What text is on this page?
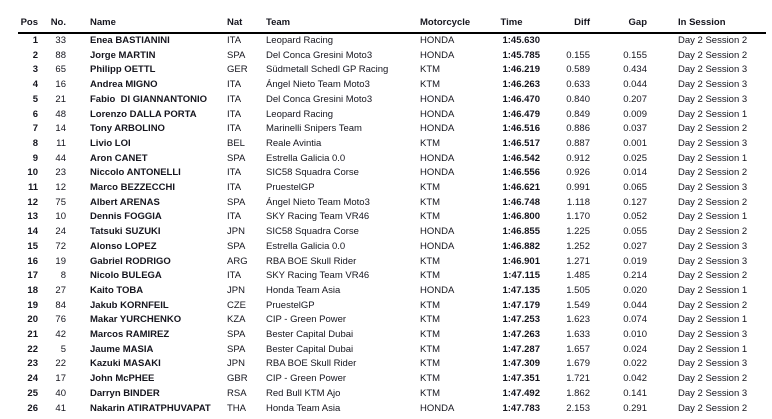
Pos	No.	Name	Nat	Team	Motorcycle	Time	Diff	Gap	In Session
1	33	Enea BASTIANINI	ITA	Leopard Racing	HONDA	1:45.630			Day 2 Session 2
2	88	Jorge MARTIN	SPA	Del Conca Gresini Moto3	HONDA	1:45.785	0.155	0.155	Day 2 Session 2
3	65	Philipp OETTL	GER	Südmetall Schedl GP Racing	KTM	1:46.219	0.589	0.434	Day 2 Session 3
4	16	Andrea MIGNO	ITA	Ángel Nieto Team Moto3	KTM	1:46.263	0.633	0.044	Day 2 Session 3
5	21	Fabio  DI GIANNANTONIO	ITA	Del Conca Gresini Moto3	HONDA	1:46.470	0.840	0.207	Day 2 Session 3
6	48	Lorenzo DALLA PORTA	ITA	Leopard Racing	HONDA	1:46.479	0.849	0.009	Day 2 Session 1
7	14	Tony ARBOLINO	ITA	Marinelli Snipers Team	HONDA	1:46.516	0.886	0.037	Day 2 Session 2
8	11	Livio LOI	BEL	Reale Avintia	KTM	1:46.517	0.887	0.001	Day 2 Session 3
9	44	Aron CANET	SPA	Estrella Galicia 0.0	HONDA	1:46.542	0.912	0.025	Day 2 Session 1
10	23	Niccolo ANTONELLI	ITA	SIC58 Squadra Corse	HONDA	1:46.556	0.926	0.014	Day 2 Session 2
11	12	Marco BEZZECCHI	ITA	PruestelGP	KTM	1:46.621	0.991	0.065	Day 2 Session 3
12	75	Albert ARENAS	SPA	Ángel Nieto Team Moto3	KTM	1:46.748	1.118	0.127	Day 2 Session 2
13	10	Dennis FOGGIA	ITA	SKY Racing Team VR46	KTM	1:46.800	1.170	0.052	Day 2 Session 1
14	24	Tatsuki SUZUKI	JPN	SIC58 Squadra Corse	HONDA	1:46.855	1.225	0.055	Day 2 Session 2
15	72	Alonso LOPEZ	SPA	Estrella Galicia 0.0	HONDA	1:46.882	1.252	0.027	Day 2 Session 3
16	19	Gabriel RODRIGO	ARG	RBA BOE Skull Rider	KTM	1:46.901	1.271	0.019	Day 2 Session 3
17	8	Nicolo BULEGA	ITA	SKY Racing Team VR46	KTM	1:47.115	1.485	0.214	Day 2 Session 2
18	27	Kaito TOBA	JPN	Honda Team Asia	HONDA	1:47.135	1.505	0.020	Day 2 Session 1
19	84	Jakub KORNFEIL	CZE	PruestelGP	KTM	1:47.179	1.549	0.044	Day 2 Session 2
20	76	Makar YURCHENKO	KZA	CIP - Green Power	KTM	1:47.253	1.623	0.074	Day 2 Session 1
21	42	Marcos RAMIREZ	SPA	Bester Capital Dubai	KTM	1:47.263	1.633	0.010	Day 2 Session 3
22	5	Jaume MASIA	SPA	Bester Capital Dubai	KTM	1:47.287	1.657	0.024	Day 2 Session 1
23	22	Kazuki MASAKI	JPN	RBA BOE Skull Rider	KTM	1:47.309	1.679	0.022	Day 2 Session 3
24	17	John McPHEE	GBR	CIP - Green Power	KTM	1:47.351	1.721	0.042	Day 2 Session 2
25	40	Darryn BINDER	RSA	Red Bull KTM Ajo	KTM	1:47.492	1.862	0.141	Day 2 Session 3
26	41	Nakarin ATIRATPHUVAPAT	THA	Honda Team Asia	HONDA	1:47.783	2.153	0.291	Day 2 Session 2
